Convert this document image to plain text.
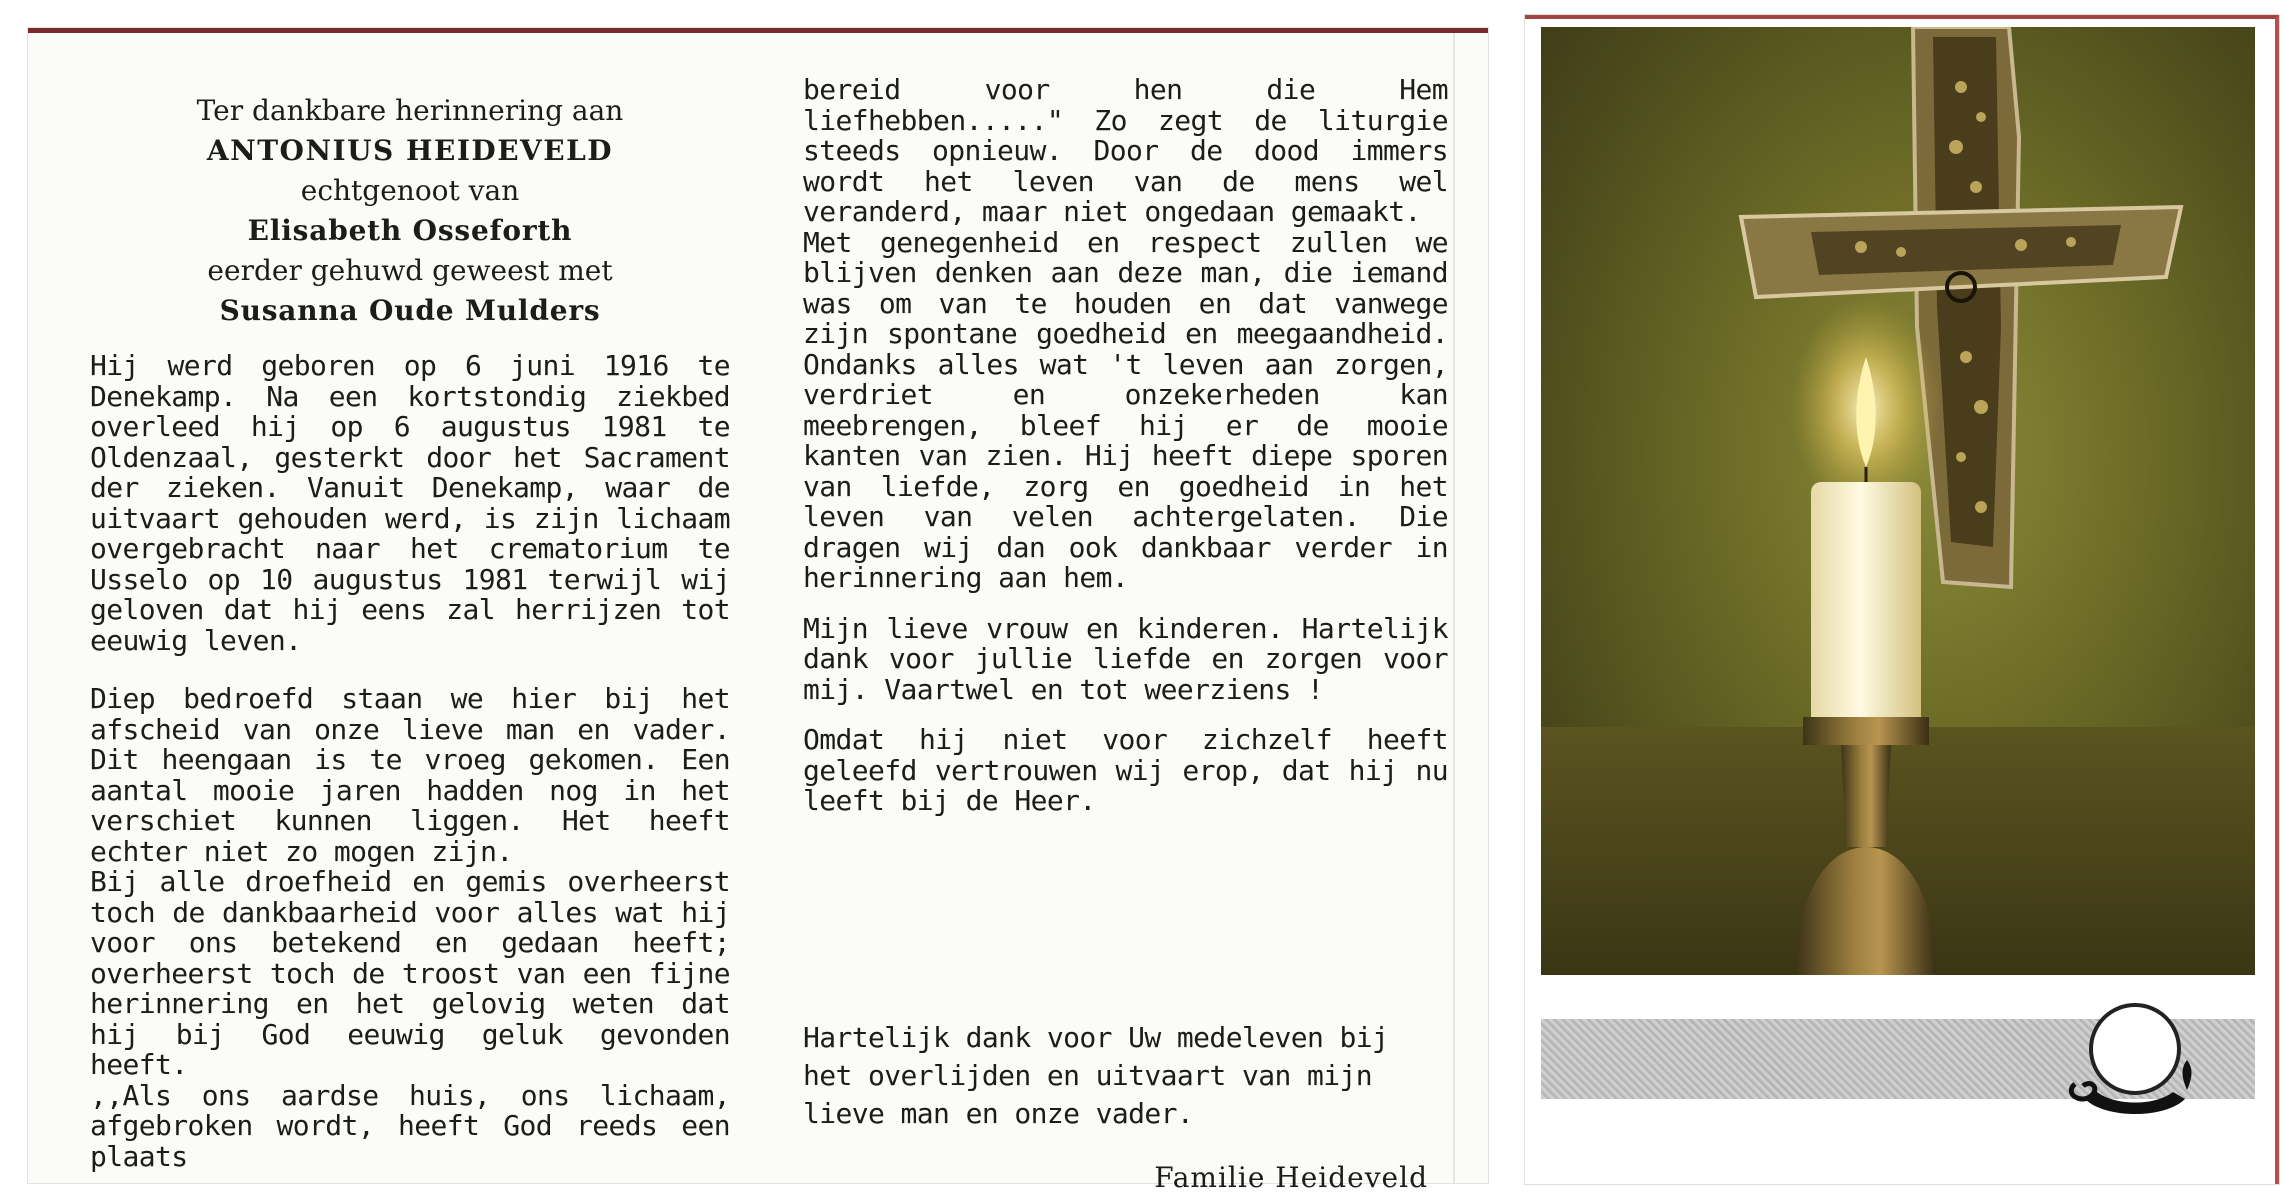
Ter dankbare herinnering aan

ANTONIUS HEIDEVELD

echtgenoot van

Elisabeth Osseforth

eerder gehuwd geweest met

Susanna Oude Mulders

Hij werd geboren op 6 juni 1916 te Denekamp. Na een kortstondig ziekbed overleed hij op 6 augustus 1981 te Oldenzaal, gesterkt door het Sacrament der zieken. Vanuit Denekamp, waar de uitvaart gehouden werd, is zijn lichaam overgebracht naar het crematorium te Usselo op 10 augustus 1981 terwijl wij geloven dat hij eens zal herrijzen tot eeuwig leven.

Diep bedroefd staan we hier bij het afscheid van onze lieve man en vader. Dit heengaan is te vroeg gekomen. Een aantal mooie jaren hadden nog in het verschiet kunnen liggen. Het heeft echter niet zo mogen zijn.

Bij alle droefheid en gemis overheerst toch de dankbaarheid voor alles wat hij voor ons betekend en gedaan heeft; overheerst toch de troost van een fijne herinnering en het gelovig weten dat hij bij God eeuwig geluk gevonden heeft.

,,Als ons aardse huis, ons lichaam, afgebroken wordt, heeft God reeds een plaats

bereid voor hen die Hem liefhebben....." Zo zegt de liturgie steeds opnieuw. Door de dood immers wordt het leven van de mens wel veranderd, maar niet ongedaan gemaakt.

Met genegenheid en respect zullen we blijven denken aan deze man, die iemand was om van te houden en dat vanwege zijn spontane goedheid en meegaandheid. Ondanks alles wat 't leven aan zorgen, verdriet en onzekerheden kan meebrengen, bleef hij er de mooie kanten van zien. Hij heeft diepe sporen van liefde, zorg en goedheid in het leven van velen achtergelaten. Die dragen wij dan ook dankbaar verder in herinnering aan hem.

Mijn lieve vrouw en kinderen. Hartelijk dank voor jullie liefde en zorgen voor mij. Vaartwel en tot weerziens !

Omdat hij niet voor zichzelf heeft geleefd vertrouwen wij erop, dat hij nu leeft bij de Heer.

Hartelijk dank voor Uw medeleven bij het overlijden en uitvaart van mijn lieve man en onze vader.

Familie Heideveld
